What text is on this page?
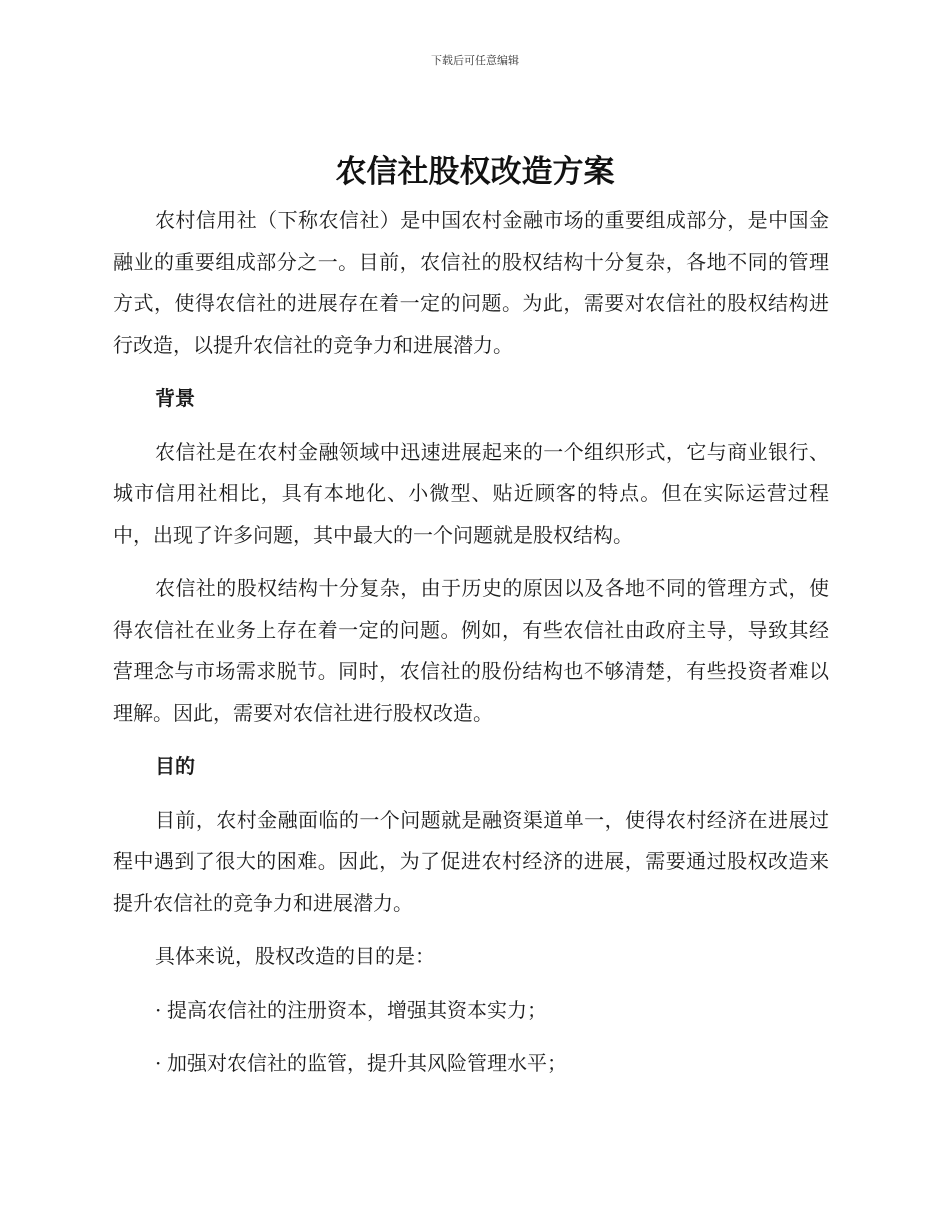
下载后可任意编辑
农信社股权改造方案

农村信用社（下称农信社）是中国农村金融市场的重要组成部分，是中国金融业的重要组成部分之一。目前，农信社的股权结构十分复杂，各地不同的管理方式，使得农信社的进展存在着一定的问题。为此，需要对农信社的股权结构进行改造，以提升农信社的竞争力和进展潜力。

背景

农信社是在农村金融领域中迅速进展起来的一个组织形式，它与商业银行、城市信用社相比，具有本地化、小微型、贴近顾客的特点。但在实际运营过程中，出现了许多问题，其中最大的一个问题就是股权结构。

农信社的股权结构十分复杂，由于历史的原因以及各地不同的管理方式，使得农信社在业务上存在着一定的问题。例如，有些农信社由政府主导，导致其经营理念与市场需求脱节。同时，农信社的股份结构也不够清楚，有些投资者难以理解。因此，需要对农信社进行股权改造。

目的

目前，农村金融面临的一个问题就是融资渠道单一，使得农村经济在进展过程中遇到了很大的困难。因此，为了促进农村经济的进展，需要通过股权改造来提升农信社的竞争力和进展潜力。

具体来说，股权改造的目的是：

· 提高农信社的注册资本，增强其资本实力；

· 加强对农信社的监管，提升其风险管理水平；
